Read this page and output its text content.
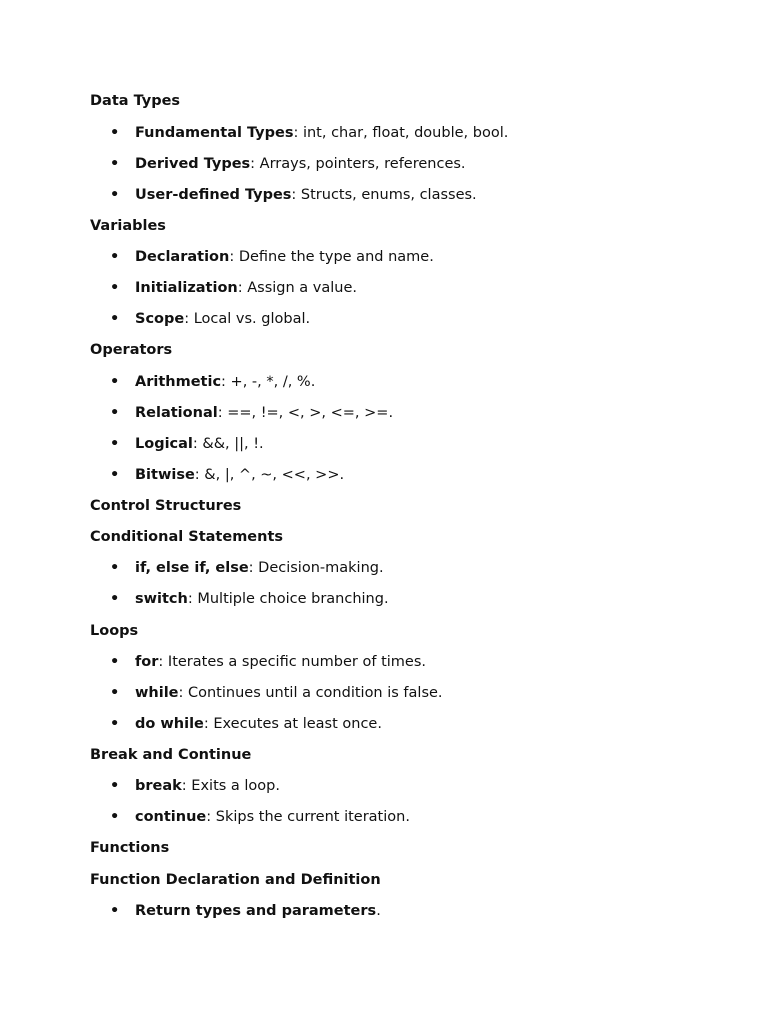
Data Types
• Fundamental Types: int, char, float, double, bool.
• Derived Types: Arrays, pointers, references.
• User-defined Types: Structs, enums, classes.
Variables
• Declaration: Define the type and name.
• Initialization: Assign a value.
• Scope: Local vs. global.
Operators
• Arithmetic: +, -, *, /, %.
• Relational: ==, !=, <, >, <=, >=.
• Logical: &&, ||, !.
• Bitwise: &, |, ^, ~, <<, >>.
Control Structures
Conditional Statements
• if, else if, else: Decision-making.
• switch: Multiple choice branching.
Loops
• for: Iterates a specific number of times.
• while: Continues until a condition is false.
• do while: Executes at least once.
Break and Continue
• break: Exits a loop.
• continue: Skips the current iteration.
Functions
Function Declaration and Definition
• Return types and parameters.
